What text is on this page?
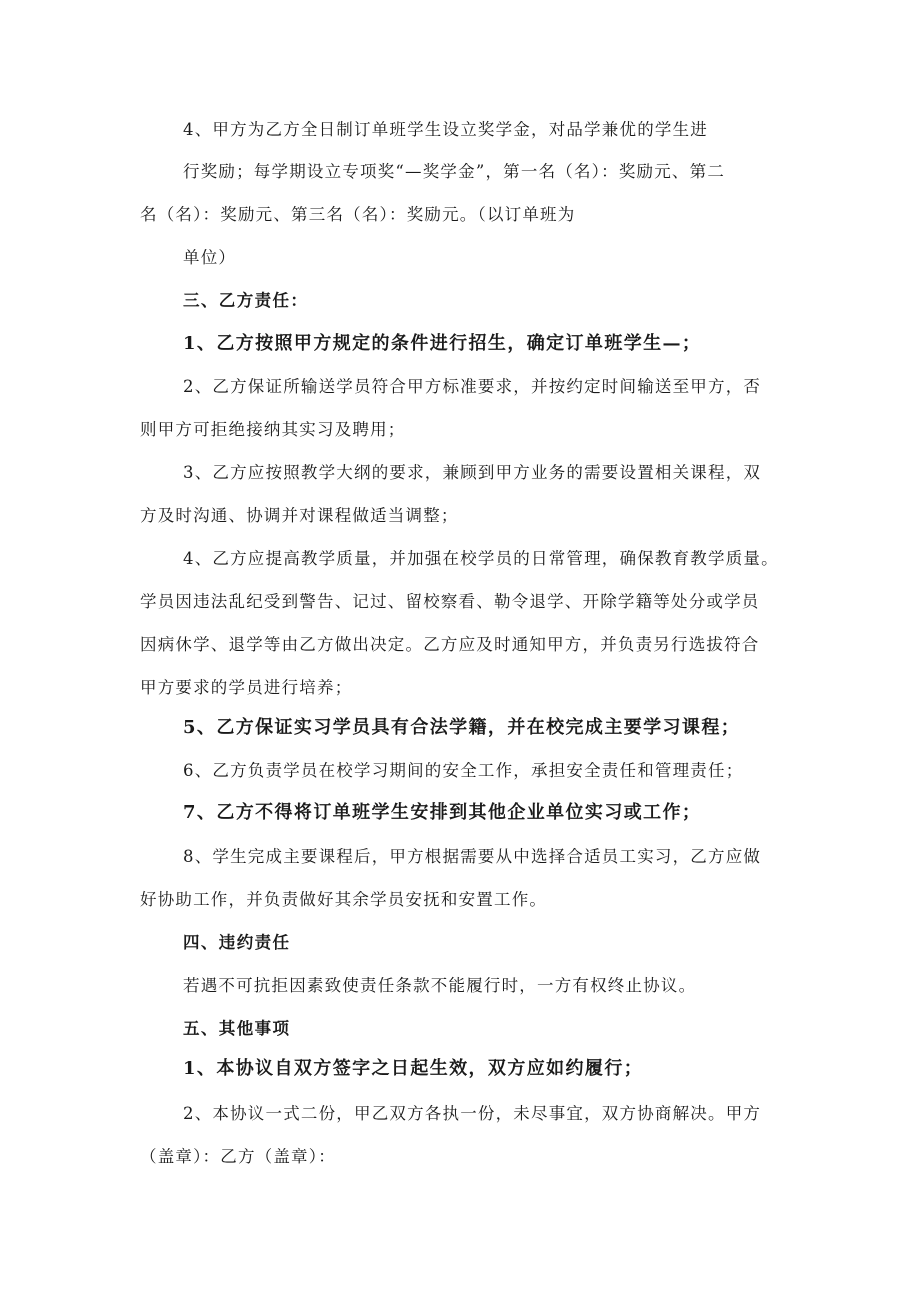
4、甲方为乙方全日制订单班学生设立奖学金，对品学兼优的学生进

行奖励；每学期设立专项奖“—奖学金”，第一名（名）：奖励元、第二

名（名）：奖励元、第三名（名）：奖励元。（以订单班为

单位）

三、乙方责任：

1、乙方按照甲方规定的条件进行招生，确定订单班学生—；

2、乙方保证所输送学员符合甲方标准要求，并按约定时间输送至甲方，否

则甲方可拒绝接纳其实习及聘用；

3、乙方应按照教学大纲的要求，兼顾到甲方业务的需要设置相关课程，双

方及时沟通、协调并对课程做适当调整；

4、乙方应提高教学质量，并加强在校学员的日常管理，确保教育教学质量。

学员因违法乱纪受到警告、记过、留校察看、勒令退学、开除学籍等处分或学员

因病休学、退学等由乙方做出决定。乙方应及时通知甲方，并负责另行选拔符合

甲方要求的学员进行培养；

5、乙方保证实习学员具有合法学籍，并在校完成主要学习课程；

6、乙方负责学员在校学习期间的安全工作，承担安全责任和管理责任；

7、乙方不得将订单班学生安排到其他企业单位实习或工作；

8、学生完成主要课程后，甲方根据需要从中选择合适员工实习，乙方应做

好协助工作，并负责做好其余学员安抚和安置工作。

四、违约责任

若遇不可抗拒因素致使责任条款不能履行时，一方有权终止协议。

五、其他事项

1、本协议自双方签字之日起生效，双方应如约履行；

2、本协议一式二份，甲乙双方各执一份，未尽事宜，双方协商解决。甲方

（盖章）：乙方（盖章）：
